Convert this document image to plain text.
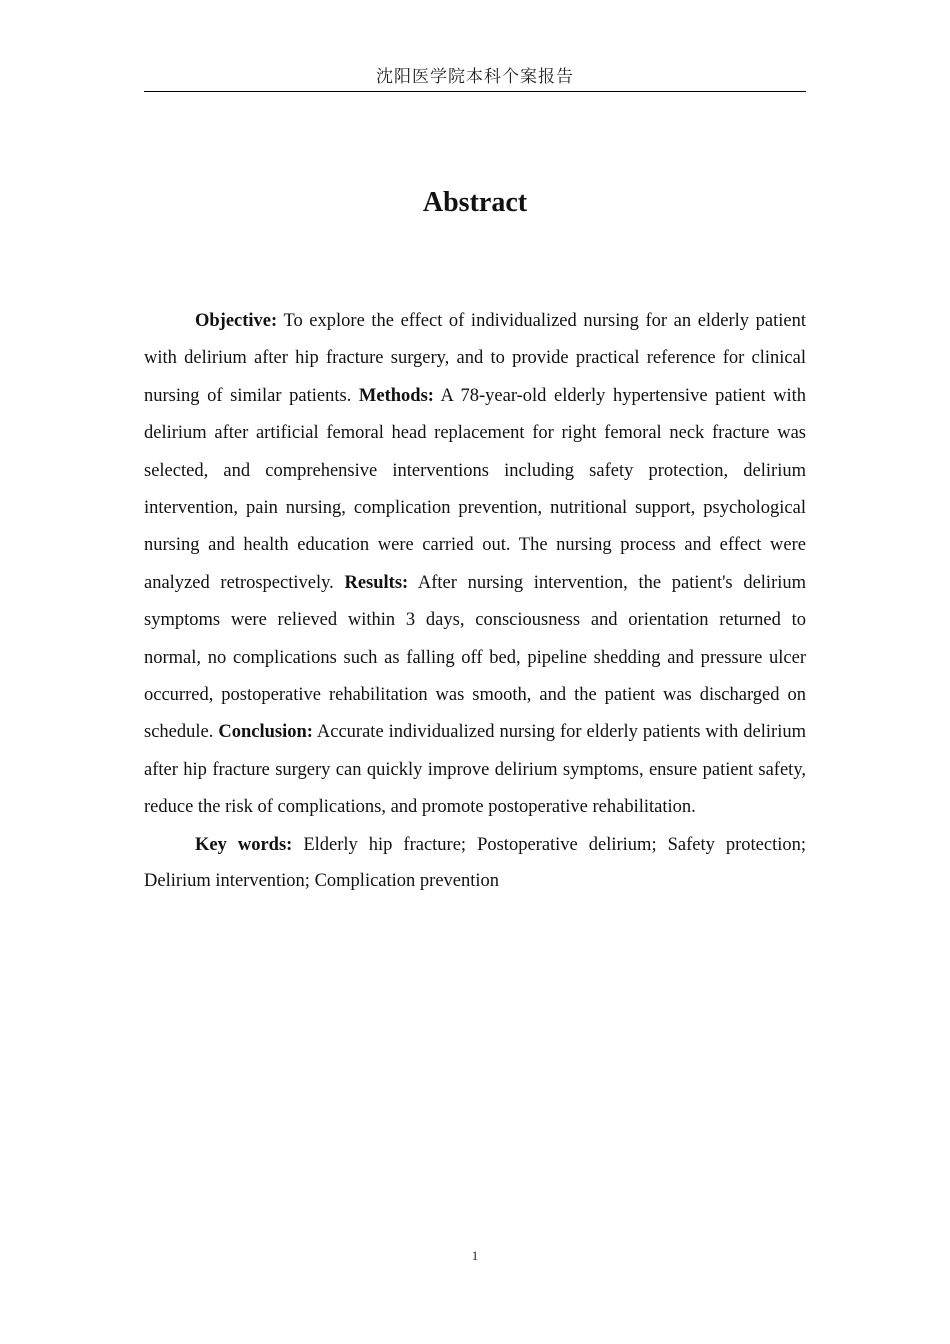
沈阳医学院本科个案报告
Abstract

Objective: To explore the effect of individualized nursing for an elderly patient with delirium after hip fracture surgery, and to provide practical reference for clinical nursing of similar patients. Methods: A 78-year-old elderly hypertensive patient with delirium after artificial femoral head replacement for right femoral neck fracture was selected, and comprehensive interventions including safety protection, delirium intervention, pain nursing, complication prevention, nutritional support, psychological nursing and health education were carried out. The nursing process and effect were analyzed retrospectively. Results: After nursing intervention, the patient's delirium symptoms were relieved within 3 days, consciousness and orientation returned to normal, no complications such as falling off bed, pipeline shedding and pressure ulcer occurred, postoperative rehabilitation was smooth, and the patient was discharged on schedule. Conclusion: Accurate individualized nursing for elderly patients with delirium after hip fracture surgery can quickly improve delirium symptoms, ensure patient safety, reduce the risk of complications, and promote postoperative rehabilitation.

Key words: Elderly hip fracture; Postoperative delirium; Safety protection; Delirium intervention; Complication prevention

1
